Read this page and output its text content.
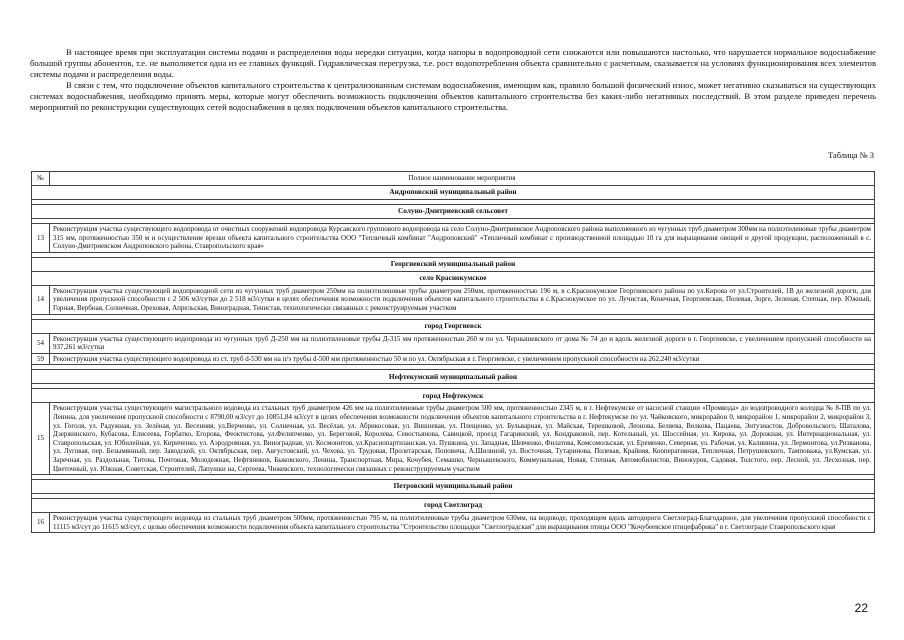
В настоящее время при эксплуатации системы подачи и распределения воды нередки ситуации, когда напоры в водопроводной сети снижаются или повышаются настолько, что нарушается нормальное водоснабжение большой группы абонентов, т.е. не выполняется одна из ее главных функций. Гидравлическая перегрузка, т.е. рост водопотребления объекта сравнительно с расчетным, сказывается на условиях функционирования всех элементов системы подачи и распределения воды.

В связи с тем, что подключение объектов капитального строительства к централизованным системам водоснабжения, имеющим как, правило большой физический износ, может негативно сказываться на существующих системах водоснабжения, необходимо принять меры, которые могут обеспечить возможность подключения объектов капитального строительства без каких-либо негативных последствий. В этом разделе приведен перечень мероприятий по реконструкции существующих сетей водоснабжения в целях подключения объектов капитального строительства.

Таблица № 3
№	Полное наименование мероприятия
Андроповский муниципальный район	

Солуно-Дмитриевский сельсовет	

13	Реконструкция участка существующего водопровода от очистных сооружений водопровода Курсавского группового водопровода на село Солуно-Дмитриевское Андроповского района выполненного из чугунных труб диаметром 300мм на полиэтиленовые трубы диаметром 315 мм, протяженностью 350 м и осуществление врезки объекта капитального строительства ООО "Тепличный комбинат "Андроповский" «Тепличный комбинат с производственной площадью 10 га для выращивания овощей и другой продукции, расположенный в с. Солуно-Дмитриевском Андроповского района, Ставропольского края»

Георгиевский муниципальный район	
село Краснокумское	
14	Реконструкция участка существующей водопроводной сети из чугунных труб диаметром 250мм на полиэтиленовые трубы диаметром 250мм, протяженностью 196 м, в с.Краснокумское Георгиевского района по ул.Кирова от ул.Строителей, 1В до железной дороги, для увеличения пропускной способности с 2 506 м3/сутки до 2 518 м3/сутки в целях обеспечения возможности подключения объектов капитального строительства в с.Краснокумское по ул. Лучистая, Конечная, Георгиевская, Полевая, Зорге, Зеленая, Степная, пер. Южный, Горная, Вербная, Солнечная, Ореховая, Апрельская, Виноградная, Тенистая, технологически связанных с реконструируемым участком

город Георгиевск	
54	Реконструкция участка существующего водопровода из чугунных труб Д-250 мм на полиэтиленовые трубы Д-315 мм протяженностью 260 м по ул. Чернышевского от дома № 74 до и вдоль железной дороги в г. Георгиевске, с увеличением пропускной способности на 937,261 м3/сутки
59	Реконструкция участка существующего водопровода из ст. труб d-530 мм на п/э трубы d-500 мм протяженностью 50 м по ул. Октябрьская в г. Георгиевске, с увеличением пропускной способности на 262,240 м3/сутки

Нефтекумский муниципальный район	

город Нефтекумск	
15	Реконструкция участка существующего магистрального водовода из стальных труб диаметром 426 мм на полиэтиленовые трубы диаметром 500 мм, протяженностью 2345 м, в г. Нефтекумске от насосной станции «Промвода» до водопроводного колодца № 8-ПВ по ул. Ленина, для увеличения пропускной способности с 8790,00 м3/сут до 10851,84 м3/сут в целях обеспечения возможности подключения объектов капитального строительства в г. Нефтекумске по ул. Чайковского, микрорайон 0, микрорайон 1, микрорайон 2, микрорайон 3, ул. Гоголя, ул. Радужная, ул. Зелёная, ул. Весенняя, ул.Верченко, ул. Солнечная, ул. Весёлая, ул. Абрикосовая, ул. Вишневая, ул. Плещенко, ул. Бульварная, ул. Майская, Терешковой, Леонова, Беляева, Волкова, Пацаева, Энтузиастов, Добровольского, Шаталова, Дзержинского, Кубасова, Елисеева, Горбатко, Егорова, Феоктистова, ул.Фелипченко, ул. Береговой, Королева, Севостьянова, Савицкой, проезд Гагаринский, ул. Кондраковой, пер. Котельный, ул. Шоссейная, ул. Кирова, ул. Дорожная, ул. Интернациональная, ул. Ставропольская, ул. Юбилейная, ул. Кириченко, ул. Аэродромная, ул. Виноградная, ул. Космонитов, ул.Краснопартизанская, ул. Пушкина, ул. Западная, Шевченко, Филатова, Комсомольская, ул. Еременко, Северная, ул. Рабочая, ул. Калинина, ул. Лермонтова, ул.Ризванова, ул. Луговая, пер. Безымянный, пер. Заводской, ул. Октябрьская, пер. Августовский, ул. Чехова, ул. Трудовая, Пролетарская, Поповича, А.Шилиной, ул. Восточная, Тутаринова, Полевая, Крайняя, Кооперативная, Тепличная, Петрушевского, Тамповажа, ул.Кумская, ул. Заречная, ул. Раздольная, Титова, Почтовая, Молодежная, Нефтяников, Быковского, Ленина, Транспортная, Мира, Кочубея, Семашко, Чернышевского, Коммунальная, Новая, Степная, Автомобилистов, Винокуров, Садовая, Толстого, пер. Лесной, ул. Лесхозная, пер. Цветочный, ул. Южная, Советская, Строителей, Лапушки на, Сергеева, Чижевского, технологически связанных с реконструируемым участком

Петровский муниципальный район	

город Светлоград	
16	Реконструкция участка существующего водовода из стальных труб диаметром 500мм, протяженностью 795 м, на полиэтиленовые трубы диаметром 630мм, на водоводе, проходящем вдоль автодороги Светлоград-Благодарное, для увеличения пропускной способности с 11115 м3/сут до 11615 м3/сут, с целью обеспечения возможности подключения объекта капитального строительства "Строительство площадки "Светлоградская" для выращивания птицы ООО "Кочубеевское птицефабрика" в г. Светлограде Ставропольского края
22
